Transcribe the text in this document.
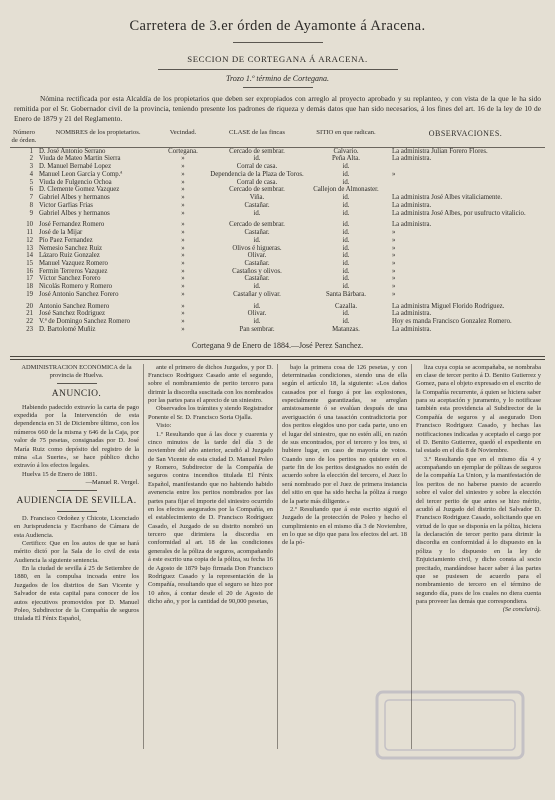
Carretera de 3.er órden de Ayamonte á Aracena.
SECCION DE CORTEGANA Á ARACENA.
Trozo 1.º término de Cortegana.

Nómina rectificada por esta Alcaldía de los propietarios que deben ser expropiados con arreglo al proyecto aprobado y su replanteo, y con vista de la que le ha sido remitida por el Sr. Gobernador civil de la provincia, teniendo presente los padrones de riqueza y demás datos que han sido necesarios, á los fines del art. 16 de la ley de 10 de Enero de 1879 y 21 del Reglamento.

Número de órden.	NOMBRES de los propietarios.	Vecindad.	CLASE de las fincas	SITIO en que radican.	OBSERVACIONES.
1	D. José Antonio Serrano	Cortegana.	Cercado de sembrar.	Calvario.	La administra Julian Forero Flores.
2	Viuda de Mateo Martin Sierra	»	id.	Peña Alta.	La administra.
3	D. Manuel Bernabé Lopez	»	Corral de casa.	id.	
4	Manuel Leon García y Comp.ª	»	Dependencia de la Plaza de Toros.	id.	»
5	Viuda de Fulgencio Ochoa	»	Corral de casa.	id.	
6	D. Clemente Gomez Vazquez	»	Cercado de sembrar.	Callejon de Almonaster.	
7	Gabriel Albes y hermanos	»	Viña.	id.	La administra José Albes vitaliciamente.
8	Victor Garfias Frias	»	Castañar.	id.	La administra.
9	Gabriel Albes y hermanos	»	id.	id.	La administra José Albes, por usufructo vitalicio.
10	José Fernandez Romero	»	Cercado de sembrar.	id.	La administra.
11	José de la Mijar	»	Castañar.	id.	»
12	Pío Paez Fernandez	»	id.	id.	»
13	Nemesio Sanchez Ruiz	»	Olivos é higueras.	id.	»
14	Lázaro Ruiz Gonzalez	»	Olivar.	id.	»
15	Manuel Vazquez Romero	»	Castañar.	id.	»
16	Fermin Terreros Vazquez	»	Castaños y olivos.	id.	»
17	Víctor Sanchez Forero	»	Castañar.	id.	»
18	Nicolás Romero y Romero	»	id.	id.	»
19	José Antonio Sanchez Forero	»	Castañar y olivar.	Santa Bárbara.	»
20	Antonio Sanchez Romero	»	id.	Cazalla.	La administra Miguel Florido Rodriguez.
21	José Sanchez Rodriguez	»	Olivar.	id.	La administra.
22	V.ª de Domingo Sanchez Romero	»	id.	id.	Hoy es manda Francisco Gonzalez Romero.
23	D. Bartolomé Muñiz	»	Pan sembrar.	Matanzas.	La administra.
Cortegana 9 de Enero de 1884.—José Perez Sanchez.

ADMINISTRACION ECONÓMICA de la provincia de Huelva.

ANUNCIO.

Habiendo padecido extravío la carta de pago expedida por la Intervención de esta dependencia en 31 de Diciembre último, con los números 660 de la misma y 646 de la Caja, por valor de 75 pesetas, consignadas por D. José María Ruiz como depósito del registro de la mina «La Suerte», se hace público dicho extravío á los efectos legales.

Huelva 15 de Enero de 1881.

—Manuel R. Vergel.

AUDIENCIA DE SEVILLA.

D. Francisco Ordoñez y Chicote, Licenciado en Jurisprudencia y Escribano de Cámara de esta Audiencia.

Certifico: Que en los autos de que se hará mérito dictó por la Sala de lo civil de esta Audiencia la siguiente sentencia.

En la ciudad de sevilla á 25 de Setiembre de 1880, en la compulsa incoada entre los Juzgados de los distritos de San Vicente y Salvador de esta capital para conocer de los autos ejecutivos promovidos por D. Manuel Poleo, Subdirector de la Compañía de seguros titulada El Fénix Español,

ante el primero de dichos Juzgados, y por D. Francisco Rodriguez Casado ante el segundo, sobre el nombramiento de perito tercero para dirimir la discordia suscitada con los nombrados por las partes para el aprecio de un siniestro.

Observados los trámites y siendo Registrador Ponente el Sr. D. Francisco Soria Ojalla.

Visto:

1.º Resultando que á las doce y cuarenta y cinco minutos de la tarde del día 3 de noviembre del año anterior, acudió al Juzgado de San Vicente de esta ciudad D. Manuel Poleo y Romero, Subdirector de la Compañía de seguros contra incendios titulada El Fénix Español, manifestando que no habiendo habido avenencia entre los peritos nombrados por las partes para fijar el importe del siniestro ocurrido en los efectos asegurados por la Compañía, en el establecimiento de D. Francisco Rodriguez Casado, el Juzgado de su distrito nombró un tercero que dirimiera la discordia en conformidad al art. 18 de las condiciones generales de la póliza de seguros, acompañando á este escrito una copia de la póliza, su fecha 16 de Agosto de 1879 bajo firmada Don Francisco Rodriguez Casado y la representación de la Compañía, resultando que el seguro se hizo por 10 años, á contar desde el 20 de Agosto de dicho año, y por la cantidad de 90,000 pesetas,

bajo la primera cosa de 126 pesetas, y con determinadas condiciones, siendo una de ella según el artículo 18, la siguiente: «Los daños causados por el fuego á por las explosiones, especialmente garantizadas, se arreglan amistosamente ó se evalúan después de una averiguación ó una tasación contradictoria por dos peritos elegidos uno por cada parte, uno en el lugar del siniestro, que no estén allí, en razón de sus encontrados, por el tercero y los tres, si hubiere lugar, en caso de mayoría de votos. Cuando uno de los peritos no quisiere en el parte fin de los peritos designados no estén de acuerdo sobre la elección del tercero, el Juez lo será nombrado por el Juez de primera instancia del sitio en que ha sido hecha la póliza á ruego de la parte más diligente.»

2.º Resultando que á este escrito siguió el Juzgado de la protección de Poleo y hecho el cumplimiento en el mismo día 3 de Noviembre, en lo que se dijo que para los efectos del art. 18 de la pó-

liza cuya copia se acompañaba, se nombraba en clase de tercer perito á D. Benito Gutierrez y Gomez, para el objeto expresado en el escrito de la Compañía recurrente, á quien se hiciera saber para su aceptación y juramento, y lo notificase también esta providencia al Subdirector de la Compañía de seguros y al asegurado Don Francisco Rodriguez Casado, y hechas las notificaciones indicadas y aceptado el cargo por el D. Benito Gutierrez, quedó el expediente en tal estado en el día 8 de Noviembre.

3.º Resultando que en el mismo día 4 y acompañando un ejemplar de pólizas de seguros de la compañía La Union, y la manifestación de los peritos de no haberse puesto de acuerdo sobre el valor del siniestro y sobre la elección del tercer perito de que antes se hizo mérito, acudió al Juzgado del distrito del Salvador D. Francisco Rodriguez Casado, solicitando que en virtud de lo que se disponía en la póliza, hiciera la declaración de tercer perito para dirimir la discordia en conformidad á lo dispuesto en la póliza y lo dispuesto en la ley de Enjuiciamiento civil, y dicho consta al socio precitado, mandándose hacer saber á las partes que se pusiesen de acuerdo para el nombramiento de tercero en el término de segundo día, pues de los cuales no diera cuenta para proveer las demás que correspondiera.

(Se concluirá).
